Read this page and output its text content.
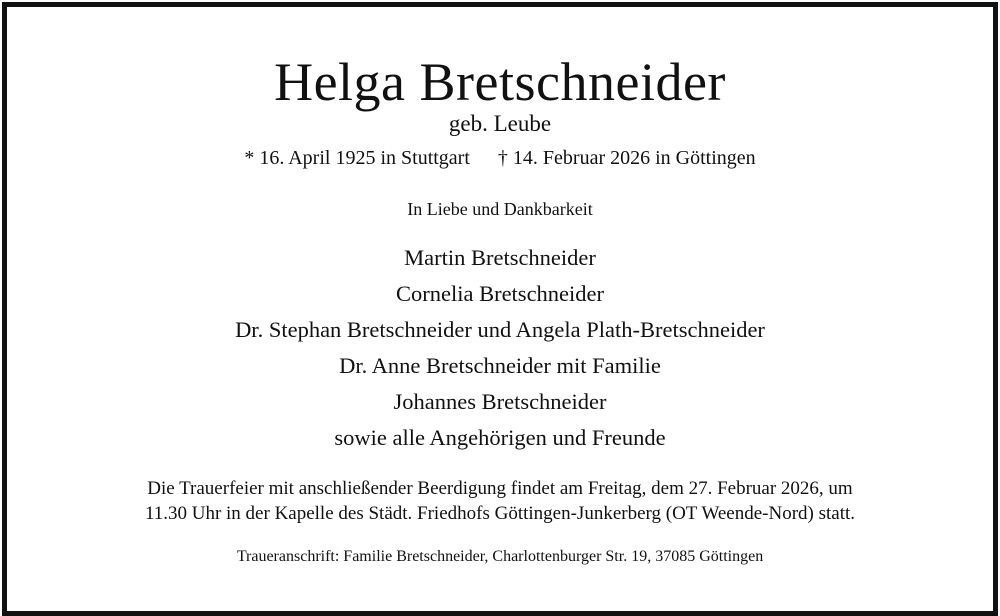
Helga Bretschneider
geb. Leube
* 16. April 1925 in Stuttgart † 14. Februar 2026 in Göttingen
In Liebe und Dankbarkeit
Martin Bretschneider
Cornelia Bretschneider
Dr. Stephan Bretschneider und Angela Plath-Bretschneider
Dr. Anne Bretschneider mit Familie
Johannes Bretschneider
sowie alle Angehörigen und Freunde
Die Trauerfeier mit anschließender Beerdigung findet am Freitag, dem 27. Februar 2026, um
11.30 Uhr in der Kapelle des Städt. Friedhofs Göttingen-Junkerberg (OT Weende-Nord) statt.
Traueranschrift: Familie Bretschneider, Charlottenburger Str. 19, 37085 Göttingen
